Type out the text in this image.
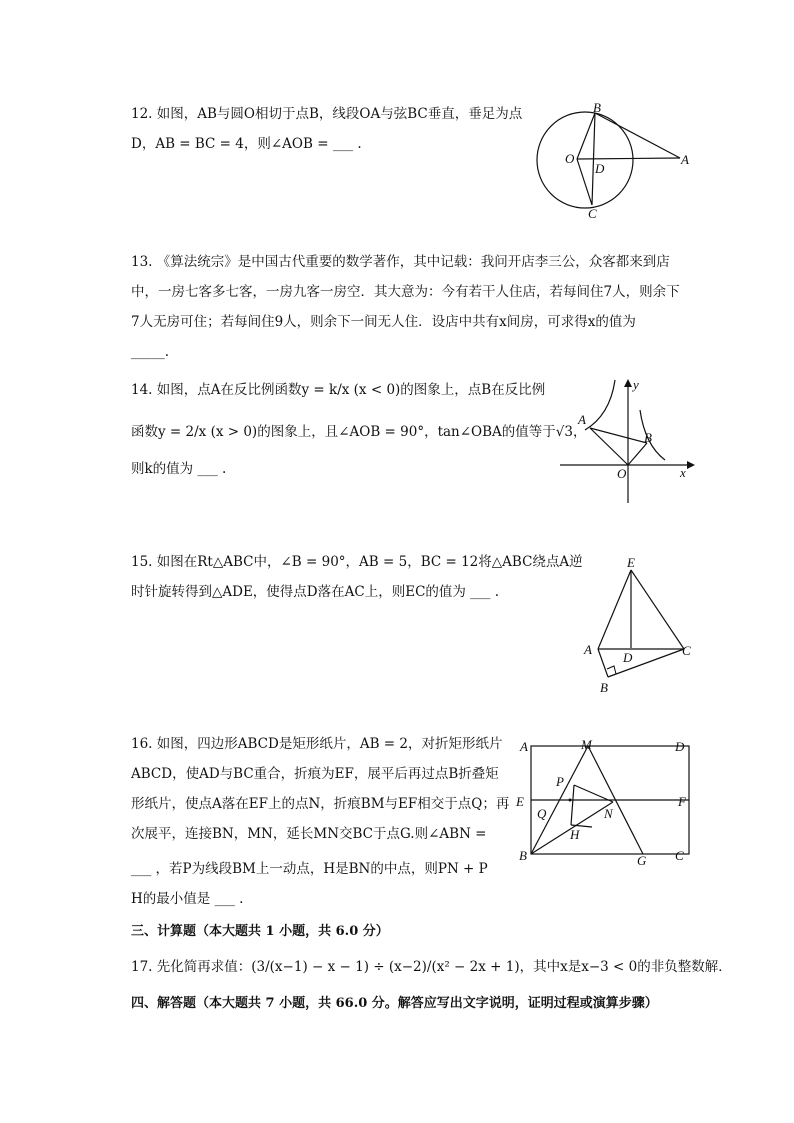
12. 如图，AB与圆O相切于点B，线段OA与弦BC垂直，垂足为点
D，AB = BC = 4，则∠AOB = ___ .
B
O
D
A
C
13. 《算法统宗》是中国古代重要的数学著作，其中记载：我问开店李三公，众客都来到店
中，一房七客多七客，一房九客一房空．其大意为：今有若干人住店，若每间住7人，则余下
7人无房可住；若每间住9人，则余下一间无人住．设店中共有x间房，可求得x的值为
_____.
14. 如图，点A在反比例函数y = k/x (x < 0)的图象上，点B在反比例
函数y = 2/x (x > 0)的图象上，且∠AOB = 90°，tan∠OBA的值等于√3，
则k的值为 ___ .
A
B
O	x
y
15. 如图在Rt△ABC中，∠B = 90°，AB = 5，BC = 12将△ABC绕点A逆
时针旋转得到△ADE，使得点D落在AC上，则EC的值为 ___ .
E
A
D	C
B
16. 如图，四边形ABCD是矩形纸片，AB = 2，对折矩形纸片
ABCD，使AD与BC重合，折痕为EF，展平后再过点B折叠矩
形纸片，使点A落在EF上的点N，折痕BM与EF相交于点Q；再
次展平，连接BN，MN，延长MN交BC于点G.则∠ABN =
___ ，若P为线段BM上一动点，H是BN的中点，则PN + P
H的最小值是 ___ .
A	M	D
P
E	F
Q	N
H
B	G C
三、计算题（本大题共 1 小题，共 6.0 分）
17. 先化简再求值：(3/(x−1) − x − 1) ÷ (x−2)/(x² − 2x + 1)，其中x是x−3 < 0的非负整数解．
四、解答题（本大题共 7 小题，共 66.0 分。解答应写出文字说明，证明过程或演算步骤）
